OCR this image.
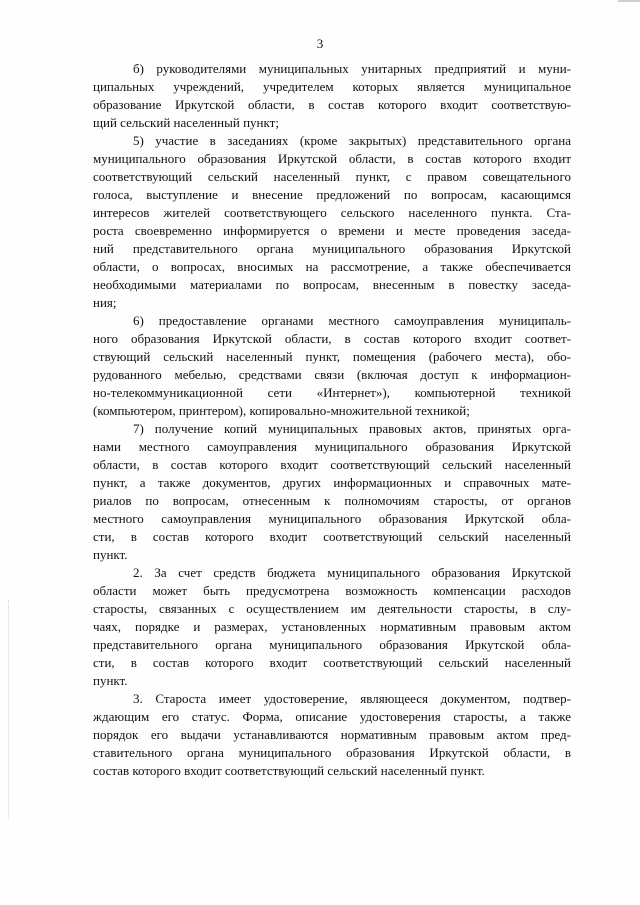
3

б) руководителями муниципальных унитарных предприятий и муни-
ципальных учреждений, учредителем которых является муниципальное
образование Иркутской области, в состав которого входит соответствую-
щий сельский населенный пункт;

5) участие в заседаниях (кроме закрытых) представительного органа
муниципального образования Иркутской области, в состав которого входит
соответствующий сельский населенный пункт, с правом совещательного
голоса, выступление и внесение предложений по вопросам, касающимся
интересов жителей соответствующего сельского населенного пункта. Ста-
роста своевременно информируется о времени и месте проведения заседа-
ний представительного органа муниципального образования Иркутской
области, о вопросах, вносимых на рассмотрение, а также обеспечивается
необходимыми материалами по вопросам, внесенным в повестку заседа-
ния;

6) предоставление органами местного самоуправления муниципаль-
ного образования Иркутской области, в состав которого входит соответ-
ствующий сельский населенный пункт, помещения (рабочего места), обо-
рудованного мебелью, средствами связи (включая доступ к информацион-
но-телекоммуникационной сети «Интернет»), компьютерной техникой
(компьютером, принтером), копировально-множительной техникой;

7) получение копий муниципальных правовых актов, принятых орга-
нами местного самоуправления муниципального образования Иркутской
области, в состав которого входит соответствующий сельский населенный
пункт, а также документов, других информационных и справочных мате-
риалов по вопросам, отнесенным к полномочиям старосты, от органов
местного самоуправления муниципального образования Иркутской обла-
сти, в состав которого входит соответствующий сельский населенный
пункт.

2. За счет средств бюджета муниципального образования Иркутской
области может быть предусмотрена возможность компенсации расходов
старосты, связанных с осуществлением им деятельности старосты, в слу-
чаях, порядке и размерах, установленных нормативным правовым актом
представительного органа муниципального образования Иркутской обла-
сти, в состав которого входит соответствующий сельский населенный
пункт.

3. Староста имеет удостоверение, являющееся документом, подтвер-
ждающим его статус. Форма, описание удостоверения старосты, а также
порядок его выдачи устанавливаются нормативным правовым актом пред-
ставительного органа муниципального образования Иркутской области, в
состав которого входит соответствующий сельский населенный пункт.
